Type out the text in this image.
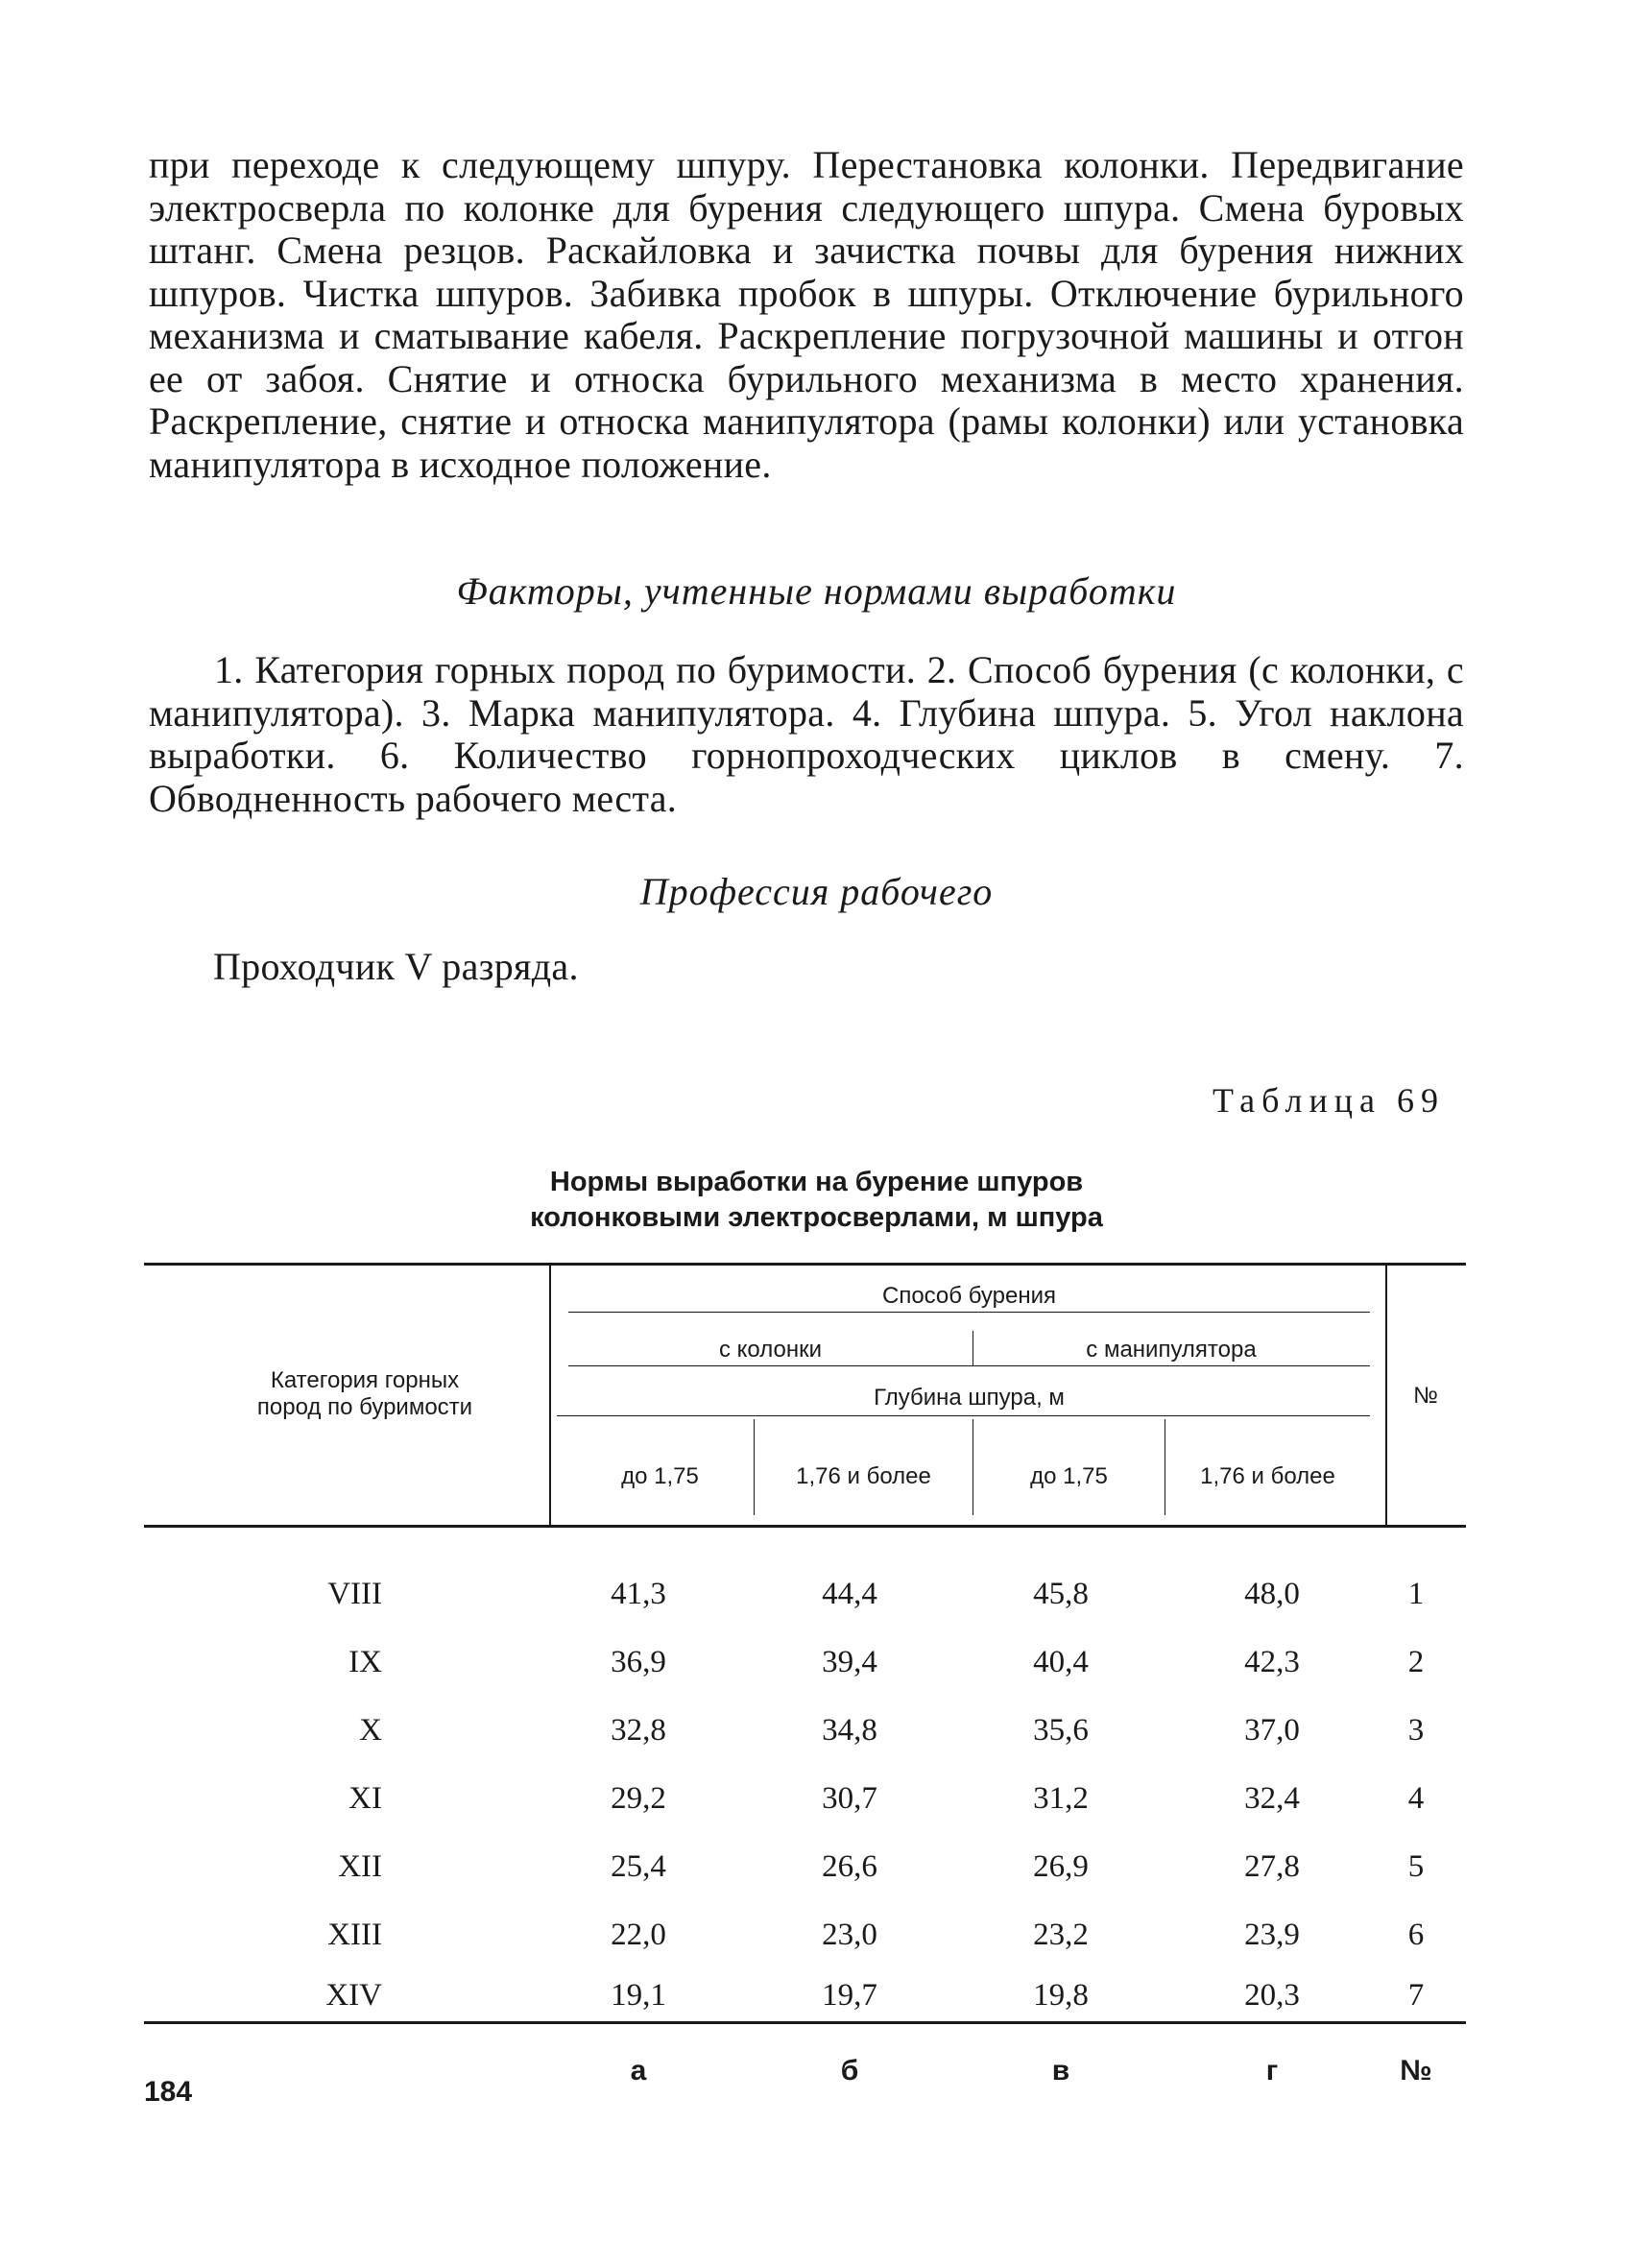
при переходе к следующему шпуру. Перестановка колонки. Передвигание электросверла по колонке для бурения следующего шпура. Смена буровых штанг. Смена резцов. Раскайловка и зачистка почвы для бурения нижних шпуров. Чистка шпуров. Забивка пробок в шпуры. Отключение бурильного механизма и сматывание кабеля. Раскрепление погрузочной машины и отгон ее от забоя. Снятие и относка бурильного механизма в место хранения. Раскрепление, снятие и относка манипулятора (рамы колонки) или установка манипулятора в исходное положение.

Факторы, учтенные нормами выработки

1. Категория горных пород по буримости. 2. Способ бурения (с колонки, с манипулятора). 3. Марка манипулятора. 4. Глубина шпура. 5. Угол наклона выработки. 6. Количество горнопроходческих циклов в смену. 7. Обводненность рабочего места.

Профессия рабочего

Проходчик V разряда.

Таблица 69
Нормы выработки на бурение шпуров
колонковыми электросверлами, м шпура
Категория горных
пород по буримости
Способ бурения
с колонки	с манипулятора
Глубина шпура, м
до 1,75	1,76 и более	до 1,75	1,76 и более
№
VIII	41,3	44,4	45,8	48,0	1
IX	36,9	39,4	40,4	42,3	2
X	32,8	34,8	35,6	37,0	3
XI	29,2	30,7	31,2	32,4	4
XII	25,4	26,6	26,9	27,8	5
XIII	22,0	23,0	23,2	23,9	6
XIV	19,1	19,7	19,8	20,3	7
а	б	в	г	№
184
